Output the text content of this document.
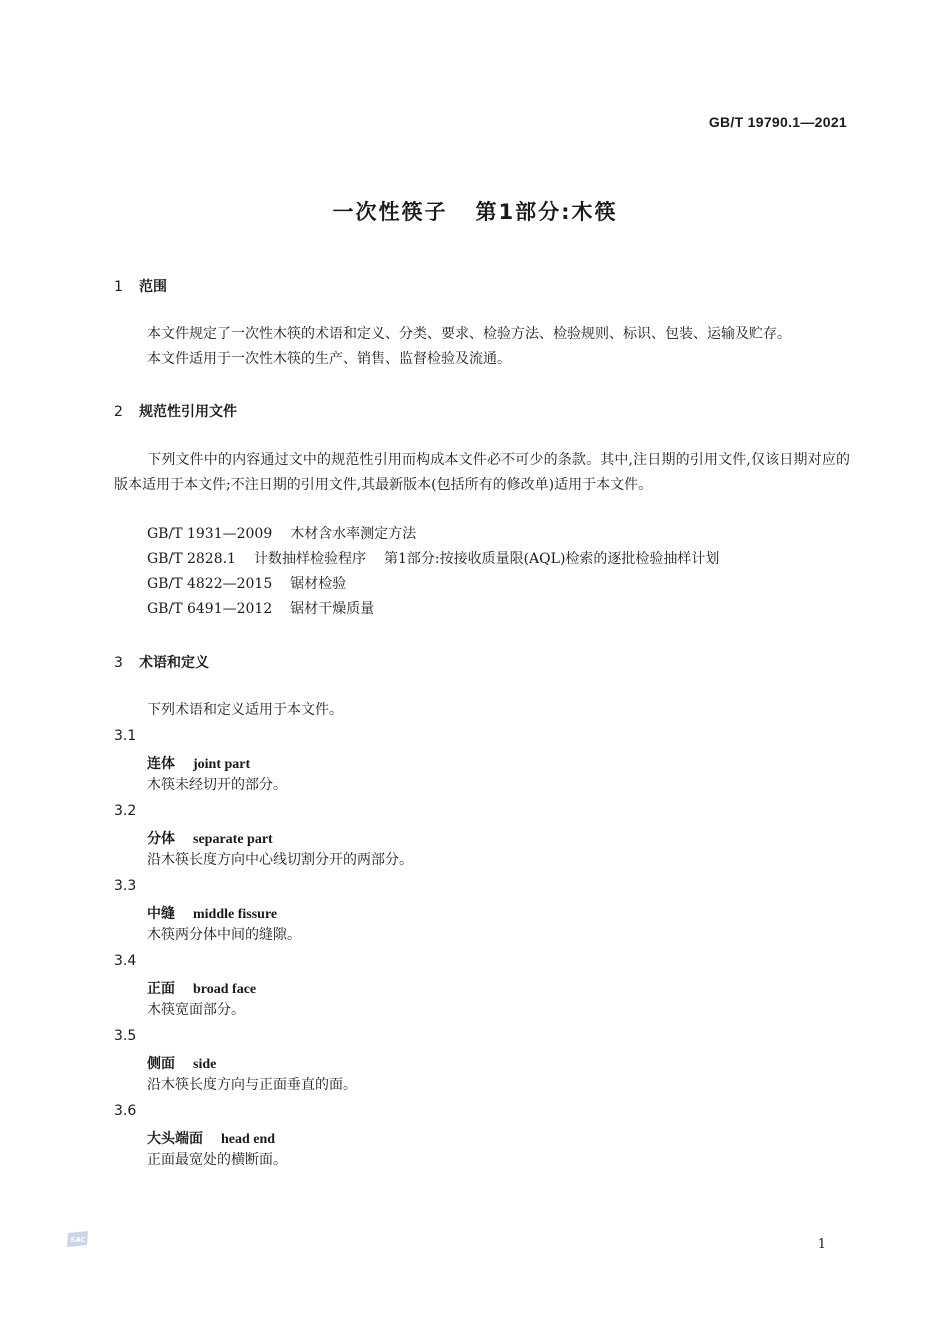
GB/T 19790.1—2021
一次性筷子 第1部分:木筷
1 范围
本文件规定了一次性木筷的术语和定义、分类、要求、检验方法、检验规则、标识、包装、运输及贮存。
本文件适用于一次性木筷的生产、销售、监督检验及流通。
2 规范性引用文件
下列文件中的内容通过文中的规范性引用而构成本文件必不可少的条款。其中,注日期的引用文件,仅该日期对应的版本适用于本文件;不注日期的引用文件,其最新版本(包括所有的修改单)适用于本文件。
GB/T 1931—2009 木材含水率测定方法
GB/T 2828.1 计数抽样检验程序 第1部分:按接收质量限(AQL)检索的逐批检验抽样计划
GB/T 4822—2015 锯材检验
GB/T 6491—2012 锯材干燥质量
3 术语和定义
下列术语和定义适用于本文件。
3.1
连体 joint part
木筷未经切开的部分。
3.2
分体 separate part
沿木筷长度方向中心线切割分开的两部分。
3.3
中缝 middle fissure
木筷两分体中间的缝隙。
3.4
正面 broad face
木筷宽面部分。
3.5
侧面 side
沿木筷长度方向与正面垂直的面。
3.6
大头端面 head end
正面最宽处的横断面。
SAC	1
